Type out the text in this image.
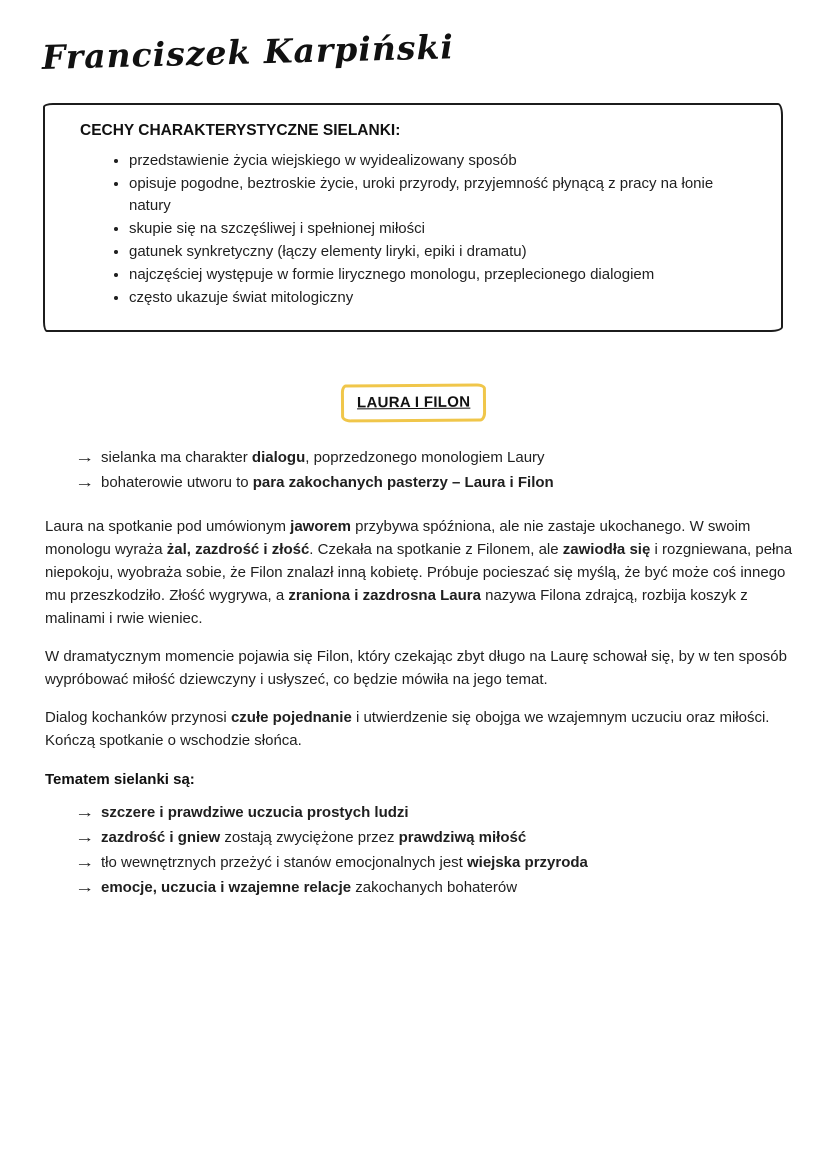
Franciszek Karpiński

CECHY CHARAKTERYSTYCZNE SIELANKI:

• przedstawienie życia wiejskiego w wyidealizowany sposób
• opisuje pogodne, beztroskie życie, uroki przyrody, przyjemność płynącą z pracy na łonie natury
• skupie się na szczęśliwej i spełnionej miłości
• gatunek synkretyczny (łączy elementy liryki, epiki i dramatu)
• najczęściej występuje w formie lirycznego monologu, przeplecionego dialogiem
• często ukazuje świat mitologiczny
LAURA I FILON
→ sielanka ma charakter dialogu, poprzedzonego monologiem Laury
→ bohaterowie utworu to para zakochanych pasterzy – Laura i Filon

Laura na spotkanie pod umówionym jaworem przybywa spóźniona, ale nie zastaje ukochanego. W swoim monologu wyraża żal, zazdrość i złość. Czekała na spotkanie z Filonem, ale zawiodła się i rozgniewana, pełna niepokoju, wyobraża sobie, że Filon znalazł inną kobietę. Próbuje pocieszać się myślą, że być może coś innego mu przeszkodziło. Złość wygrywa, a zraniona i zazdrosna Laura nazywa Filona zdrajcą, rozbija koszyk z malinami i rwie wieniec.

W dramatycznym momencie pojawia się Filon, który czekając zbyt długo na Laurę schował się, by w ten sposób wypróbować miłość dziewczyny i usłyszeć, co będzie mówiła na jego temat.

Dialog kochanków przynosi czułe pojednanie i utwierdzenie się obojga we wzajemnym uczuciu oraz miłości. Kończą spotkanie o wschodzie słońca.

Tematem sielanki są:

→ szczere i prawdziwe uczucia prostych ludzi
→ zazdrość i gniew zostają zwyciężone przez prawdziwą miłość
→ tło wewnętrznych przeżyć i stanów emocjonalnych jest wiejska przyroda
→ emocje, uczucia i wzajemne relacje zakochanych bohaterów
